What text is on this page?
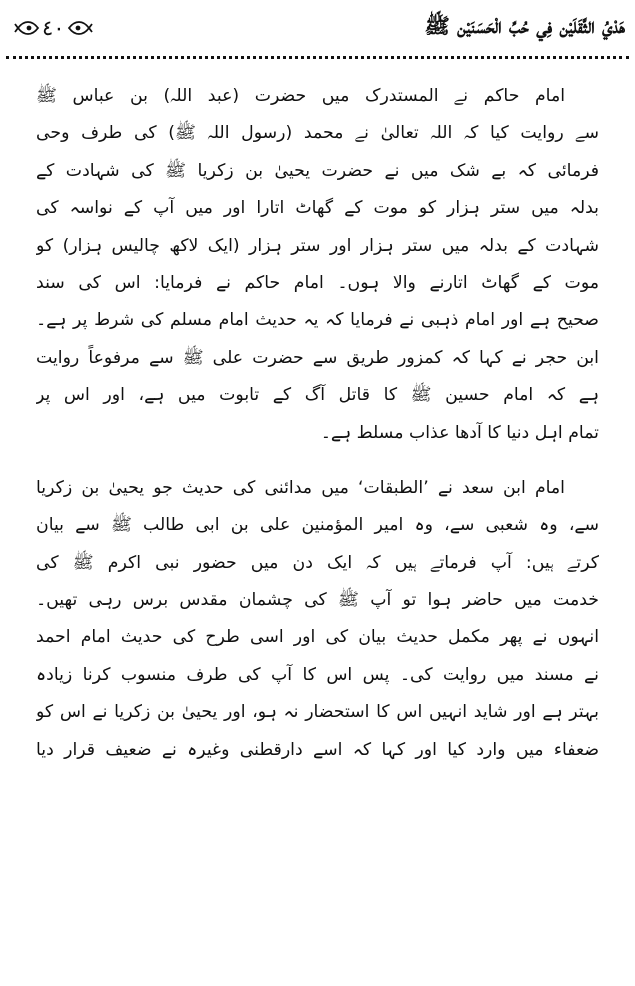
٤٠	هَدْيُ الثَّقَلَيْن فِي حُبِّ الْحَسَنَيْن ﷺ

امام حاکم نے المستدرک میں حضرت (عبد اللہ) بن عباس ﷺ

سے روایت کیا کہ اللہ تعالیٰ نے محمد (رسول اللہ ﷺ) کی طرف وحی

فرمائی کہ بے شک میں نے حضرت یحییٰ بن زکریا ﷺ کی شہادت کے

بدلہ میں ستر ہزار کو موت کے گھاٹ اتارا اور میں آپ کے نواسہ کی

شہادت کے بدلہ میں ستر ہزار اور ستر ہزار (ایک لاکھ چالیس ہزار) کو

موت کے گھاٹ اتارنے والا ہوں۔ امام حاکم نے فرمایا: اس کی سند

صحیح ہے اور امام ذہبی نے فرمایا کہ یہ حدیث امام مسلم کی شرط پر ہے۔

ابن حجر نے کہا کہ کمزور طریق سے حضرت علی ﷺ سے مرفوعاً روایت

ہے کہ امام حسین ﷺ کا قاتل آگ کے تابوت میں ہے، اور اس پر

تمام اہل دنیا کا آدھا عذاب مسلط ہے۔

امام ابن سعد نے ’الطبقات‘ میں مدائنی کی حدیث جو یحییٰ بن زکریا

سے، وہ شعبی سے، وہ امیر المؤمنین علی بن ابی طالب ﷺ سے بیان

کرتے ہیں: آپ فرماتے ہیں کہ ایک دن میں حضور نبی اکرم ﷺ کی

خدمت میں حاضر ہوا تو آپ ﷺ کی چشمان مقدس برس رہی تھیں۔

انہوں نے پھر مکمل حدیث بیان کی اور اسی طرح کی حدیث امام احمد

نے مسند میں روایت کی۔ پس اس کا آپ کی طرف منسوب کرنا زیادہ

بہتر ہے اور شاید انہیں اس کا استحضار نہ ہو، اور یحییٰ بن زکریا نے اس کو

ضعفاء میں وارد کیا اور کہا کہ اسے دارقطنی وغیرہ نے ضعیف قرار دیا
